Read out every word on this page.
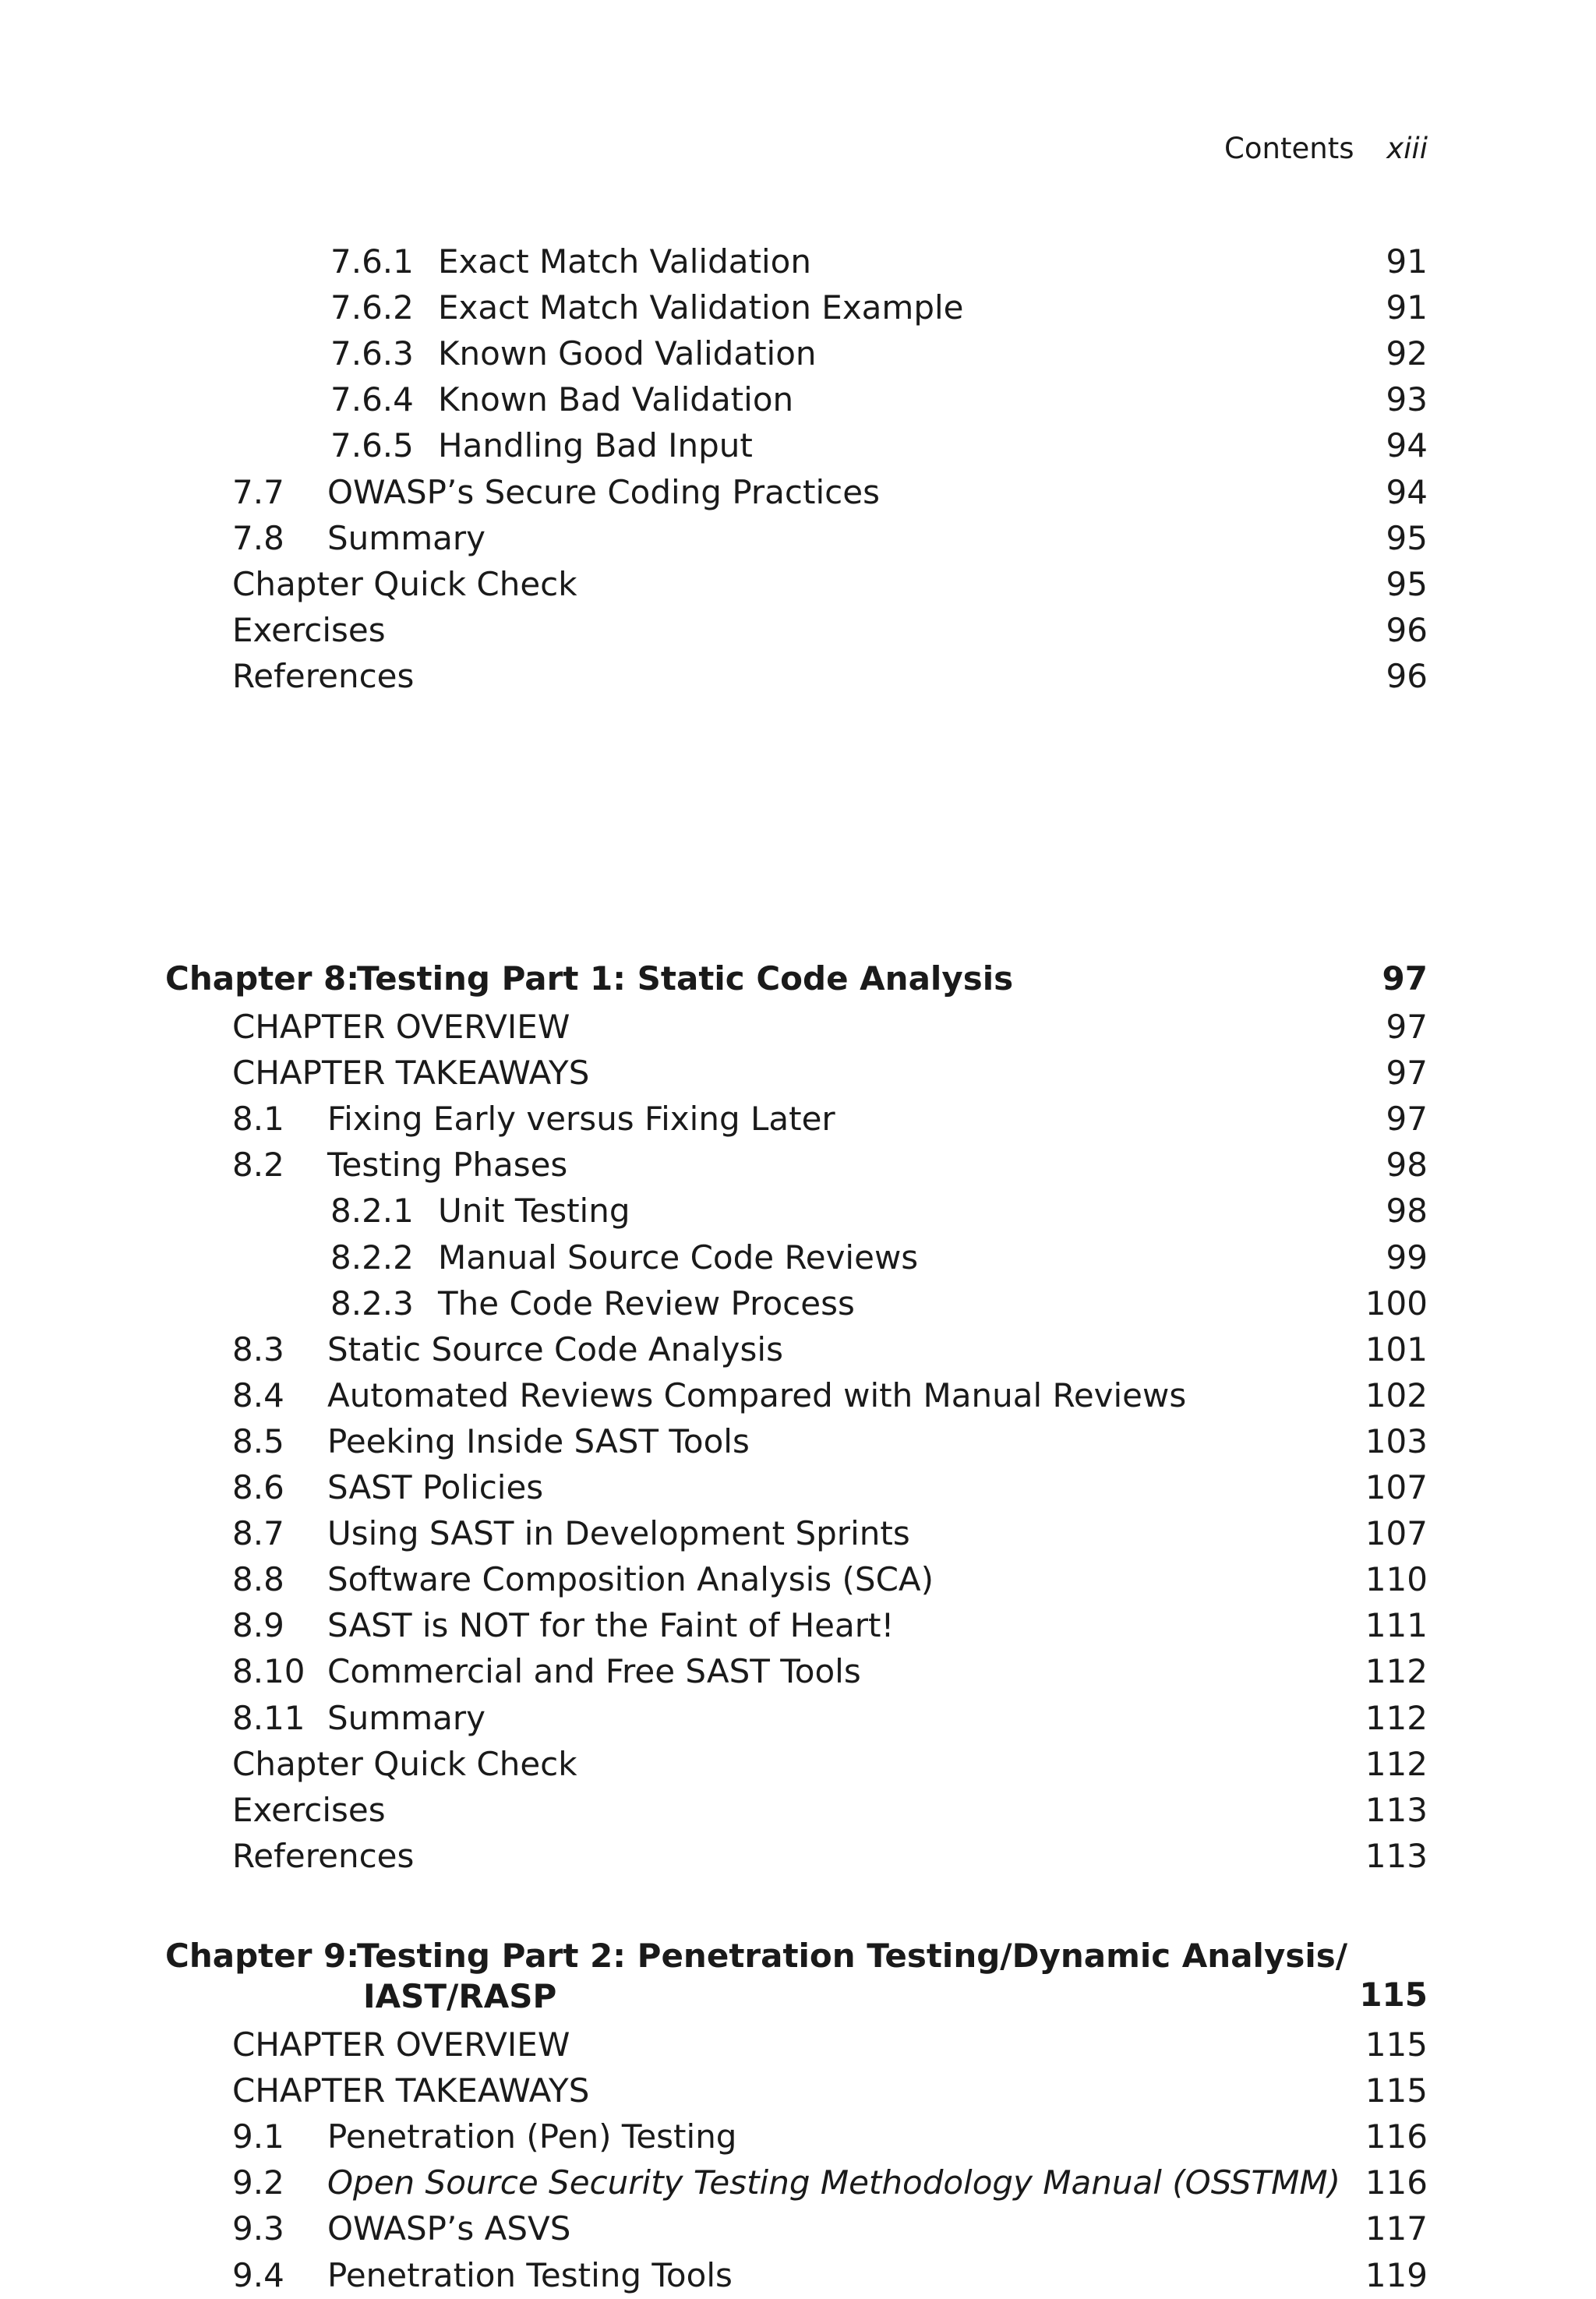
Contents xiii
7.6.1 Exact Match Validation	91
7.6.2 Exact Match Validation Example	91
7.6.3 Known Good Validation	92
7.6.4 Known Bad Validation	93
7.6.5 Handling Bad Input	94
7.7 OWASP’s Secure Coding Practices	94
7.8 Summary	95
Chapter Quick Check	95
Exercises	96
References	96
Chapter 8:
Testing Part 1: Static Code Analysis	97
CHAPTER OVERVIEW	97
CHAPTER TAKEAWAYS	97
8.1 Fixing Early versus Fixing Later	97
8.2 Testing Phases	98
8.2.1 Unit Testing	98
8.2.2 Manual Source Code Reviews	99
8.2.3 The Code Review Process	100
8.3 Static Source Code Analysis	101
8.4 Automated Reviews Compared with Manual Reviews	102
8.5 Peeking Inside SAST Tools	103
8.6 SAST Policies	107
8.7 Using SAST in Development Sprints	107
8.8 Software Composition Analysis (SCA)	110
8.9 SAST is NOT for the Faint of Heart!	111
8.10 Commercial and Free SAST Tools	112
8.11 Summary	112
Chapter Quick Check	112
Exercises	113
References	113
Chapter 9:
Testing Part 2: Penetration Testing/Dynamic Analysis/
IAST/RASP	115
CHAPTER OVERVIEW	115
CHAPTER TAKEAWAYS	115
9.1 Penetration (Pen) Testing	116
9.2 Open Source Security Testing Methodology Manual (OSSTMM) 116
9.3 OWASP’s ASVS	117
9.4 Penetration Testing Tools	119
